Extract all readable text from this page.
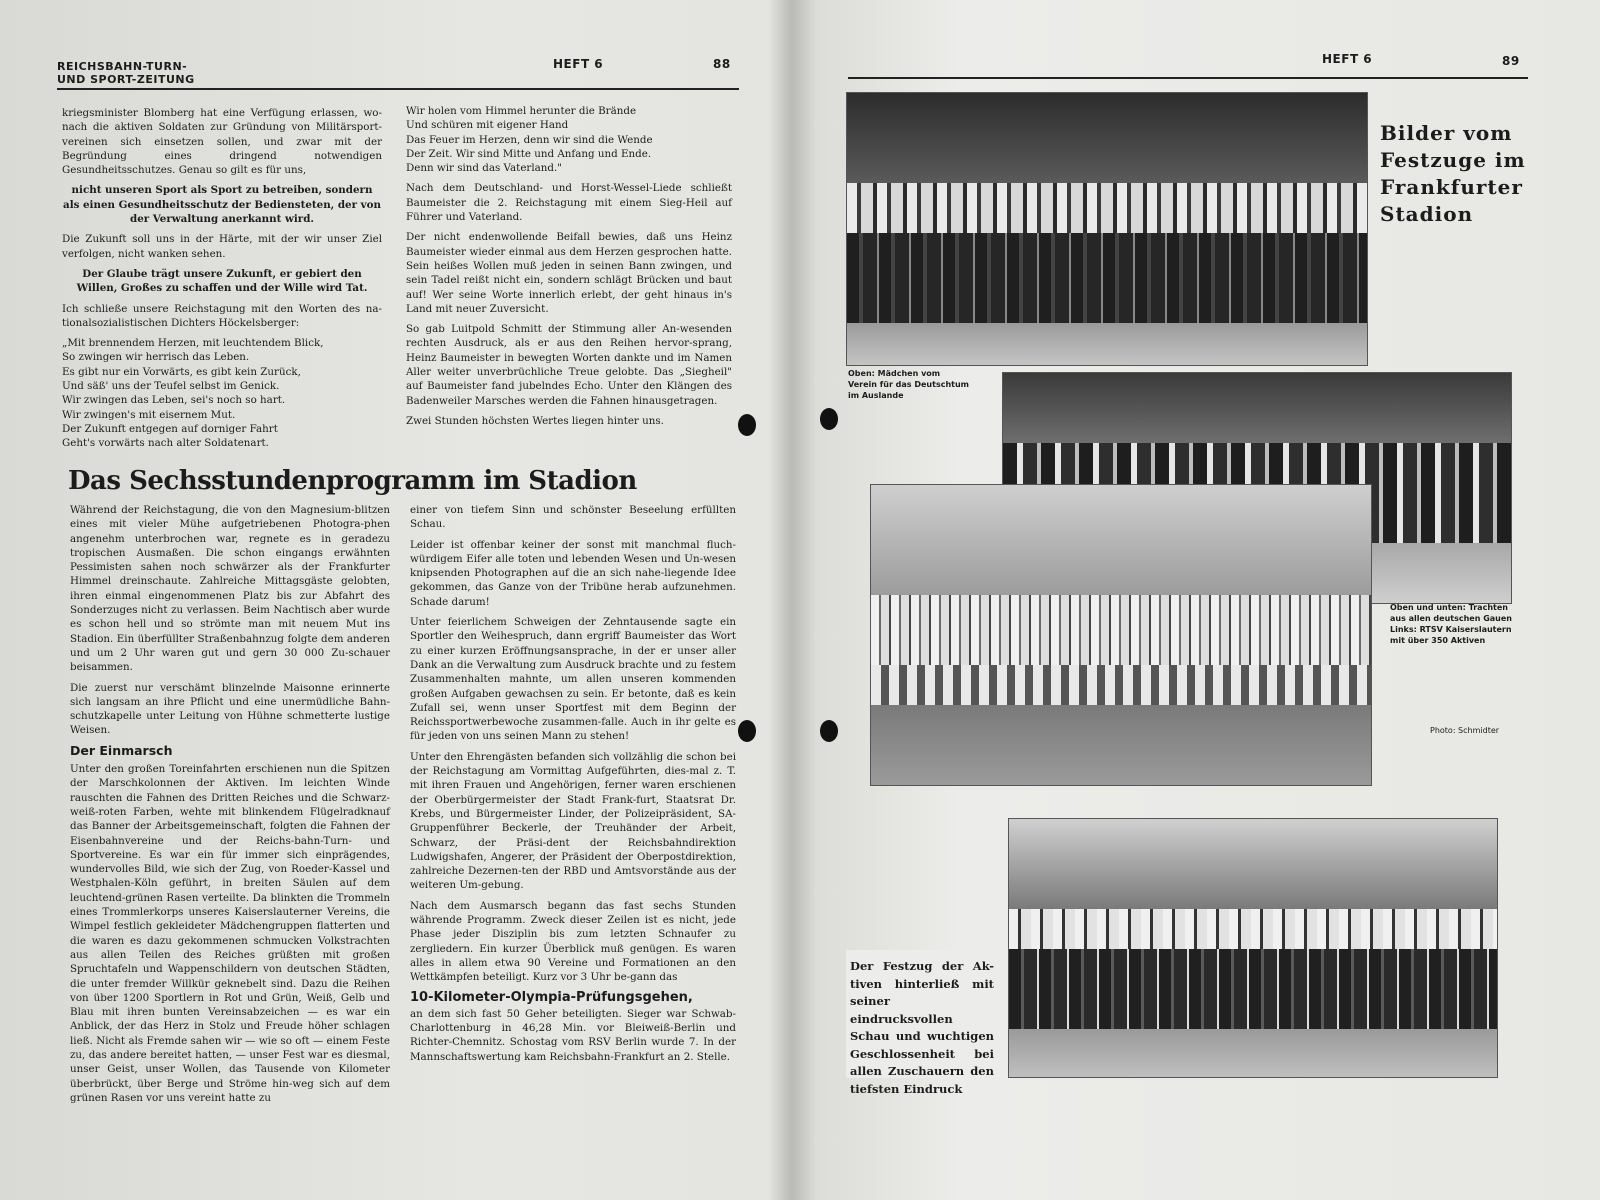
REICHSBAHN-TURN-
UND SPORT-ZEITUNG
HEFT 6	88

kriegsminister Blomberg hat eine Verfügung erlassen, wo-nach die aktiven Soldaten zur Gründung von Militärsport-vereinen sich einsetzen sollen, und zwar mit der Begründung eines dringend notwendigen Gesundheitsschutzes. Genau so gilt es für uns,

nicht unseren Sport als Sport zu betreiben, sondern als einen Gesundheitsschutz der Bediensteten, der von der Verwaltung anerkannt wird.

Die Zukunft soll uns in der Härte, mit der wir unser Ziel verfolgen, nicht wanken sehen.

Der Glaube trägt unsere Zukunft, er gebiert den Willen, Großes zu schaffen und der Wille wird Tat.

Ich schließe unsere Reichstagung mit den Worten des na-tionalsozialistischen Dichters Höckelsberger:

„Mit brennendem Herzen, mit leuchtendem Blick,
So zwingen wir herrisch das Leben.
Es gibt nur ein Vorwärts, es gibt kein Zurück,
Und säß' uns der Teufel selbst im Genick.
Wir zwingen das Leben, sei's noch so hart.
Wir zwingen's mit eisernem Mut.
Der Zukunft entgegen auf dorniger Fahrt
Geht's vorwärts nach alter Soldatenart.
Wir holen vom Himmel herunter die Brände
Und schüren mit eigener Hand
Das Feuer im Herzen, denn wir sind die Wende
Der Zeit. Wir sind Mitte und Anfang und Ende.
Denn wir sind das Vaterland."

Nach dem Deutschland- und Horst-Wessel-Liede schließt Baumeister die 2. Reichstagung mit einem Sieg-Heil auf Führer und Vaterland.

Der nicht endenwollende Beifall bewies, daß uns Heinz Baumeister wieder einmal aus dem Herzen gesprochen hatte. Sein heißes Wollen muß jeden in seinen Bann zwingen, und sein Tadel reißt nicht ein, sondern schlägt Brücken und baut auf! Wer seine Worte innerlich erlebt, der geht hinaus in's Land mit neuer Zuversicht.

So gab Luitpold Schmitt der Stimmung aller An-wesenden rechten Ausdruck, als er aus den Reihen hervor-sprang, Heinz Baumeister in bewegten Worten dankte und im Namen Aller weiter unverbrüchliche Treue gelobte. Das „Siegheil" auf Baumeister fand jubelndes Echo. Unter den Klängen des Badenweiler Marsches werden die Fahnen hinausgetragen.

Zwei Stunden höchsten Wertes liegen hinter uns.

Das Sechsstundenprogramm im Stadion

Während der Reichstagung, die von den Magnesium-blitzen eines mit vieler Mühe aufgetriebenen Photogra-phen angenehm unterbrochen war, regnete es in geradezu tropischen Ausmaßen. Die schon eingangs erwähnten Pessimisten sahen noch schwärzer als der Frankfurter Himmel dreinschaute. Zahlreiche Mittagsgäste gelobten, ihren einmal eingenommenen Platz bis zur Abfahrt des Sonderzuges nicht zu verlassen. Beim Nachtisch aber wurde es schon hell und so strömte man mit neuem Mut ins Stadion. Ein überfüllter Straßenbahnzug folgte dem anderen und um 2 Uhr waren gut und gern 30 000 Zu-schauer beisammen.

Die zuerst nur verschämt blinzelnde Maisonne erinnerte sich langsam an ihre Pflicht und eine unermüdliche Bahn-schutzkapelle unter Leitung von Hühne schmetterte lustige Weisen.

Der Einmarsch

Unter den großen Toreinfahrten erschienen nun die Spitzen der Marschkolonnen der Aktiven. Im leichten Winde rauschten die Fahnen des Dritten Reiches und die Schwarz-weiß-roten Farben, wehte mit blinkendem Flügelradknauf das Banner der Arbeitsgemeinschaft, folgten die Fahnen der Eisenbahnvereine und der Reichs-bahn-Turn- und Sportvereine. Es war ein für immer sich einprägendes, wundervolles Bild, wie sich der Zug, von Roeder-Kassel und Westphalen-Köln geführt, in breiten Säulen auf dem leuchtend-grünen Rasen verteilte. Da blinkten die Trommeln eines Trommlerkorps unseres Kaiserslauterner Vereins, die Wimpel festlich gekleideter Mädchengruppen flatterten und die waren es dazu gekommenen schmucken Volkstrachten aus allen Teilen des Reiches grüßten mit großen Spruchtafeln und Wappenschildern von deutschen Städten, die unter fremder Willkür geknebelt sind. Dazu die Reihen von über 1200 Sportlern in Rot und Grün, Weiß, Gelb und Blau mit ihren bunten Vereinsabzeichen — es war ein Anblick, der das Herz in Stolz und Freude höher schlagen ließ. Nicht als Fremde sahen wir — wie so oft — einem Feste zu, das andere bereitet hatten, — unser Fest war es diesmal, unser Geist, unser Wollen, das Tausende von Kilometer überbrückt, über Berge und Ströme hin-weg sich auf dem grünen Rasen vor uns vereint hatte zu

einer von tiefem Sinn und schönster Beseelung erfüllten Schau.

Leider ist offenbar keiner der sonst mit manchmal fluch-würdigem Eifer alle toten und lebenden Wesen und Un-wesen knipsenden Photographen auf die an sich nahe-liegende Idee gekommen, das Ganze von der Tribüne herab aufzunehmen. Schade darum!

Unter feierlichem Schweigen der Zehntausende sagte ein Sportler den Weihespruch, dann ergriff Baumeister das Wort zu einer kurzen Eröffnungsansprache, in der er unser aller Dank an die Verwaltung zum Ausdruck brachte und zu festem Zusammenhalten mahnte, um allen unseren kommenden großen Aufgaben gewachsen zu sein. Er betonte, daß es kein Zufall sei, wenn unser Sportfest mit dem Beginn der Reichssportwerbewoche zusammen-falle. Auch in ihr gelte es für jeden von uns seinen Mann zu stehen!

Unter den Ehrengästen befanden sich vollzählig die schon bei der Reichstagung am Vormittag Aufgeführten, dies-mal z. T. mit ihren Frauen und Angehörigen, ferner waren erschienen der Oberbürgermeister der Stadt Frank-furt, Staatsrat Dr. Krebs, und Bürgermeister Linder, der Polizeipräsident, SA-Gruppenführer Beckerle, der Treuhänder der Arbeit, Schwarz, der Präsi-dent der Reichsbahndirektion Ludwigshafen, Angerer, der Präsident der Oberpostdirektion, zahlreiche Dezernen-ten der RBD und Amtsvorstände aus der weiteren Um-gebung.

Nach dem Ausmarsch begann das fast sechs Stunden währende Programm. Zweck dieser Zeilen ist es nicht, jede Phase jeder Disziplin bis zum letzten Schnaufer zu zergliedern. Ein kurzer Überblick muß genügen. Es waren alles in allem etwa 90 Vereine und Formationen an den Wettkämpfen beteiligt. Kurz vor 3 Uhr be-gann das

10-Kilometer-Olympia-Prüfungsgehen,

an dem sich fast 50 Geher beteiligten. Sieger war Schwab-Charlottenburg in 46,28 Min. vor Bleiweiß-Berlin und Richter-Chemnitz. Schostag vom RSV Berlin wurde 7. In der Mannschaftswertung kam Reichsbahn-Frankfurt an 2. Stelle.

HEFT 6	89
Bilder vom
Festzuge im
Frankfurter
Stadion
Oben: Mädchen vom
Verein für das Deutschtum
im Auslande
Oben und unten: Trachten
aus allen deutschen Gauen
Links: RTSV Kaiserslautern
mit über 350 Aktiven
Photo: Schmidter
Der Festzug der Ak-tiven hinterließ mit seiner eindrucksvollen Schau und wuchtigen Geschlossenheit bei allen Zuschauern den tiefsten Eindruck
